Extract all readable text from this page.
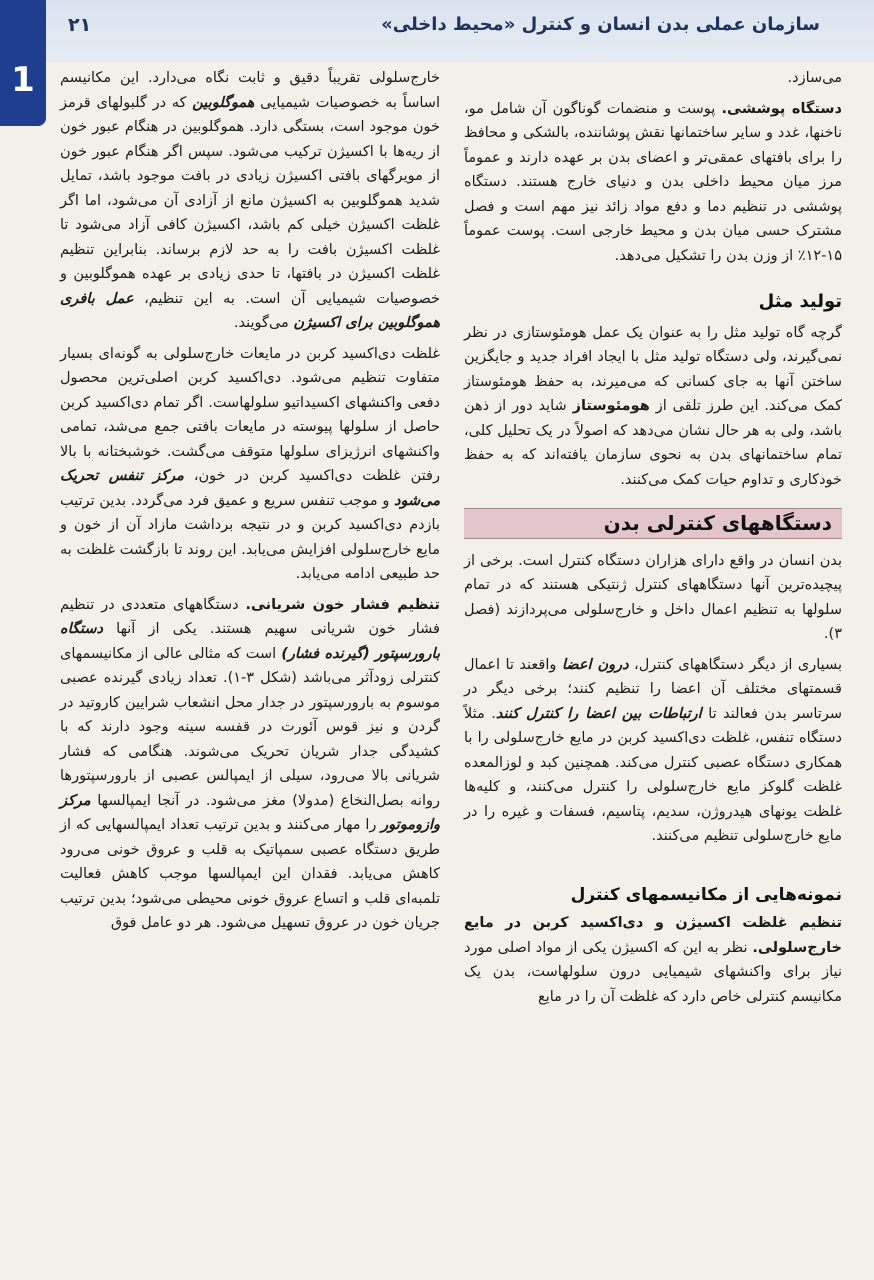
سازمان عملی بدن انسان و کنترل «محیط داخلی»
۲۱
1	می‌سازد.

دستگاه پوششی. پوست و منضمات گوناگون آن شامل مو، ناخنها، غدد و سایر ساختمانها نقش پوشاننده، بالشکی و محافظ را برای بافتهای عمقی‌تر و اعضای بدن بر عهده دارند و عموماً مرز میان محیط داخلی بدن و دنیای خارج هستند. دستگاه پوششی در تنظیم دما و دفع مواد زائد نیز مهم است و فصل مشترک حسی میان بدن و محیط خارجی است. پوست عموماً ۱۵-۱۲٪ از وزن بدن را تشکیل می‌دهد.

تولید مثل

گرچه گاه تولید مثل را به عنوان یک عمل هومئوستازی در نظر نمی‌گیرند، ولی دستگاه تولید مثل با ایجاد افراد جدید و جایگزین ساختن آنها به جای کسانی که می‌میرند، به حفظ هومئوستاز کمک می‌کند. این طرز تلقی از هومئوستاز شاید دور از ذهن باشد، ولی به هر حال نشان می‌دهد که اصولاً در یک تحلیل کلی، تمام ساختمانهای بدن به نحوی سازمان یافته‌اند که به حفظ خودکاری و تداوم حیات کمک می‌کنند.

دستگاههای کنترلی بدن

بدن انسان در واقع دارای هزاران دستگاه کنترل است. برخی از پیچیده‌ترین آنها دستگاههای کنترل ژنتیکی هستند که در تمام سلولها به تنظیم اعمال داخل و خارج‌سلولی می‌پردازند (فصل ۳).

بسیاری از دیگر دستگاههای کنترل، درون اعضا واقعند تا اعمال قسمتهای مختلف آن اعضا را تنظیم کنند؛ برخی دیگر در سرتاسر بدن فعالند تا ارتباطات بین اعضا را کنترل کنند. مثلاً دستگاه تنفس، غلظت دی‌اکسید کربن در مایع خارج‌سلولی را با همکاری دستگاه عصبی کنترل می‌کند. همچنین کبد و لوزالمعده غلظت گلوکز مایع خارج‌سلولی را کنترل می‌کنند، و کلیه‌ها غلظت یونهای هیدروژن، سدیم، پتاسیم، فسفات و غیره را در مایع خارج‌سلولی تنظیم می‌کنند.

نمونه‌هایی از مکانیسمهای کنترل

تنظیم غلظت اکسیژن و دی‌اکسید کربن در مایع خارج‌سلولی. نظر به این که اکسیژن یکی از مواد اصلی مورد نیاز برای واکنشهای شیمیایی درون سلولهاست، بدن یک مکانیسم کنترلی خاص دارد که غلظت آن را در مایع

خارج‌سلولی تقریباً دقیق و ثابت نگاه می‌دارد. این مکانیسم اساساً به خصوصیات شیمیایی هموگلوبین که در گلبولهای قرمز خون موجود است، بستگی دارد. هموگلوبین در هنگام عبور خون از ریه‌ها با اکسیژن ترکیب می‌شود. سپس اگر هنگام عبور خون از مویرگهای بافتی اکسیژن زیادی در بافت موجود باشد، تمایل شدید هموگلوبین به اکسیژن مانع از آزادی آن می‌شود، اما اگر غلظت اکسیژن خیلی کم باشد، اکسیژن کافی آزاد می‌شود تا غلظت اکسیژن بافت را به حد لازم برساند. بنابراین تنظیم غلظت اکسیژن در بافتها، تا حدی زیادی بر عهده هموگلوبین و خصوصیات شیمیایی آن است. به این تنظیم، عمل بافری هموگلوبین برای اکسیژن می‌گویند.

غلظت دی‌اکسید کربن در مایعات خارج‌سلولی به گونه‌ای بسیار متفاوت تنظیم می‌شود. دی‌اکسید کربن اصلی‌ترین محصول دفعی واکنشهای اکسیداتیو سلولهاست. اگر تمام دی‌اکسید کربن حاصل از سلولها پیوسته در مایعات بافتی جمع می‌شد، تمامی واکنشهای انرژیزای سلولها متوقف می‌گشت. خوشبختانه با بالا رفتن غلظت دی‌اکسید کربن در خون، مرکز تنفس تحریک می‌شود و موجب تنفس سریع و عمیق فرد می‌گردد. بدین ترتیب بازدم دی‌اکسید کربن و در نتیجه برداشت مازاد آن از خون و مایع خارج‌سلولی افزایش می‌یابد. این روند تا بازگشت غلظت به حد طبیعی ادامه می‌یابد.

تنظیم فشار خون شریانی. دستگاههای متعددی در تنظیم فشار خون شریانی سهیم هستند. یکی از آنها دستگاه بارورسپتور (گیرنده فشار) است که مثالی عالی از مکانیسمهای کنترلی زودآثر می‌باشد (شکل ۳-۱). تعداد زیادی گیرنده عصبی موسوم به بارورسپتور در جدار محل انشعاب شرایین کاروتید در گردن و نیز قوس آئورت در قفسه سینه وجود دارند که با کشیدگی جدار شریان تحریک می‌شوند. هنگامی که فشار شریانی بالا می‌رود، سیلی از ایمپالس عصبی از بارورسپتورها روانه بصل‌النخاع (مدولا) مغز می‌شود. در آنجا ایمپالسها مرکز وازوموتور را مهار می‌کنند و بدین ترتیب تعداد ایمپالسهایی که از طریق دستگاه عصبی سمپاتیک به قلب و عروق خونی می‌رود کاهش می‌یابد. فقدان این ایمپالسها موجب کاهش فعالیت تلمبه‌ای قلب و اتساع عروق خونی محیطی می‌شود؛ بدین ترتیب جریان خون در عروق تسهیل می‌شود. هر دو عامل فوق
